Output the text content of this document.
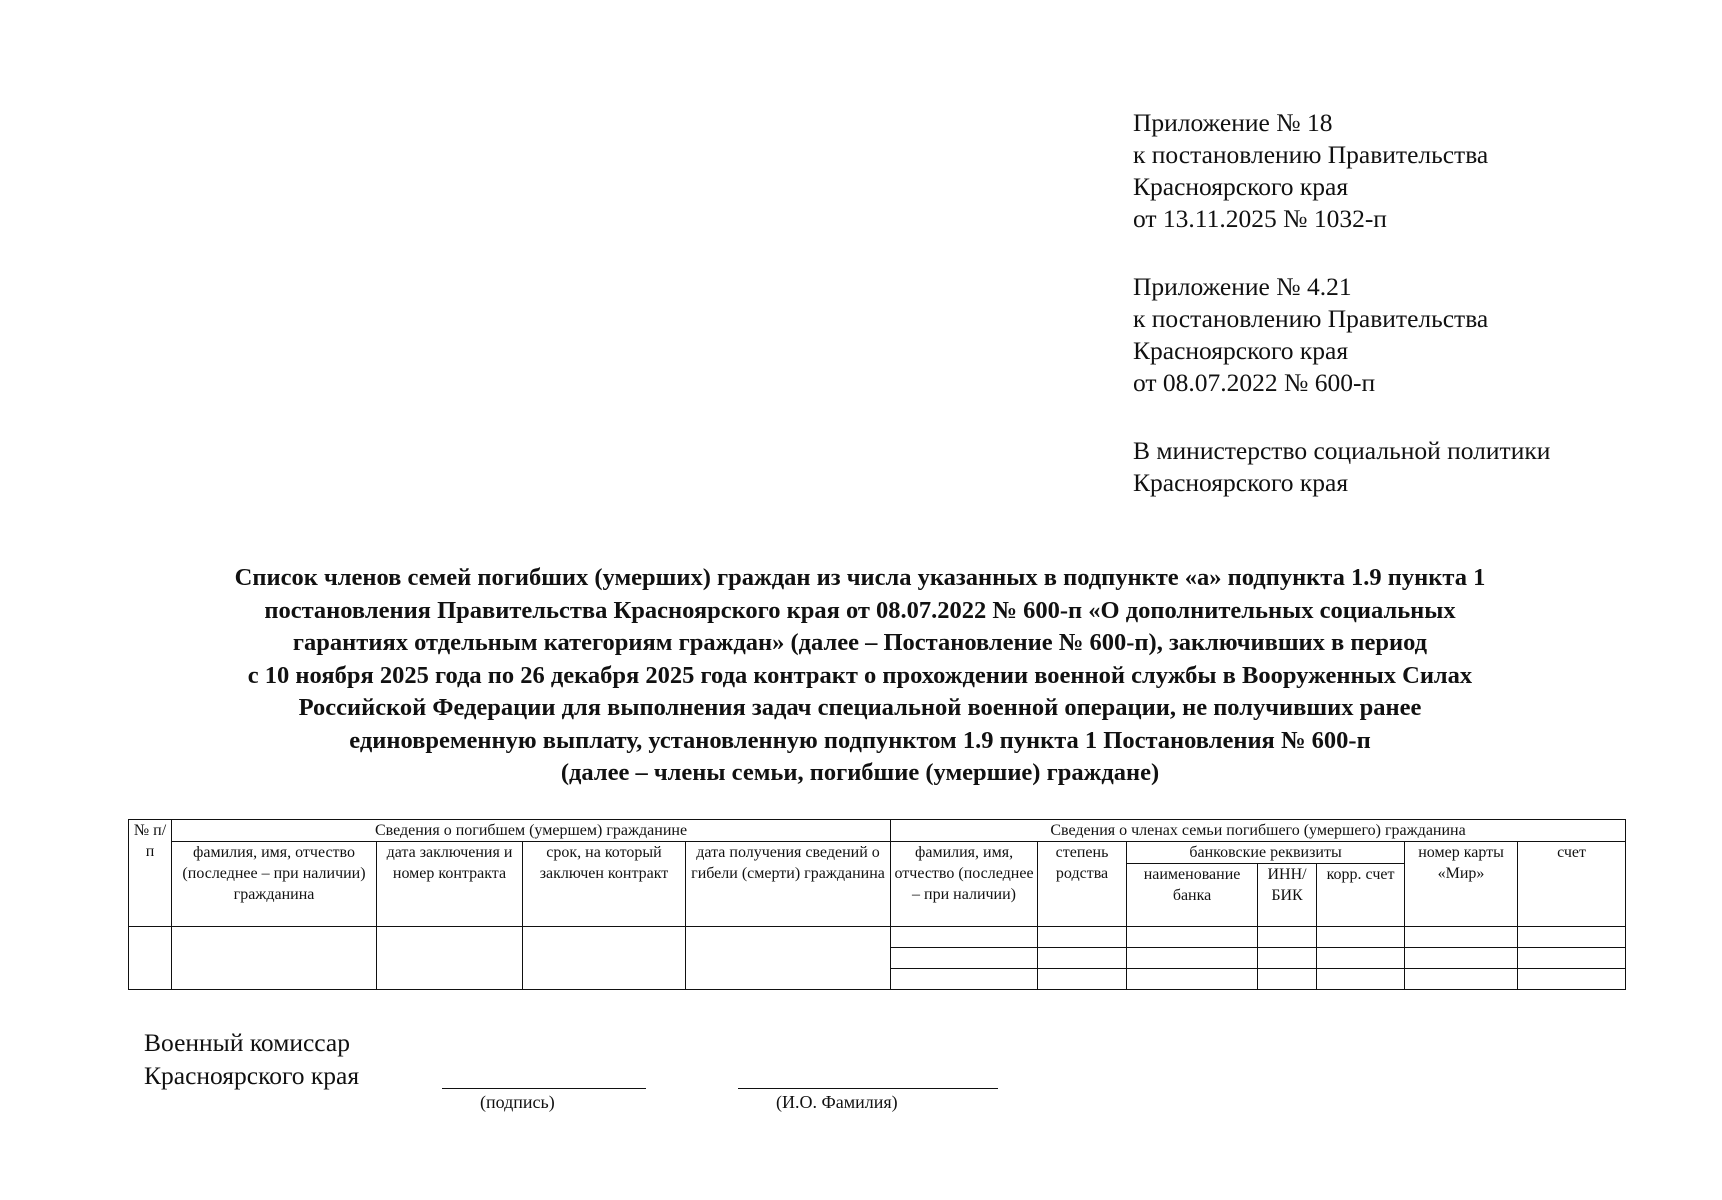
Приложение № 18
к постановлению Правительства
Красноярского края
от 13.11.2025 № 1032-п
Приложение № 4.21
к постановлению Правительства
Красноярского края
от 08.07.2022 № 600-п
В министерство социальной политики
Красноярского края
Список членов семей погибших (умерших) граждан из числа указанных в подпункте «а» подпункта 1.9 пункта 1
постановления Правительства Красноярского края от 08.07.2022 № 600-п «О дополнительных социальных
гарантиях отдельным категориям граждан» (далее – Постановление № 600-п), заключивших в период
с 10 ноября 2025 года по 26 декабря 2025 года контракт о прохождении военной службы в Вооруженных Силах
Российской Федерации для выполнения задач специальной военной операции, не получивших ранее
единовременную выплату, установленную подпунктом 1.9 пункта 1 Постановления № 600-п
(далее – члены семьи, погибшие (умершие) граждане)
№ п/п	Сведения о погибшем (умершем) гражданине				Сведения о членах семьи погибшего (умершего) гражданина						
	фамилия, имя, отчество (последнее – при наличии) гражданина	дата заключения и номер контракта	срок, на который заключен контракт	дата получения сведений о гибели (смерти) гражданина	фамилия, имя, отчество (последнее – при наличии)	степень родства	банковские реквизиты			номер карты «Мир»	счет
							наименование банка	ИНН/ БИК	корр. счет		

Военный комиссар
Красноярского края
(подпись)	(И.О. Фамилия)
